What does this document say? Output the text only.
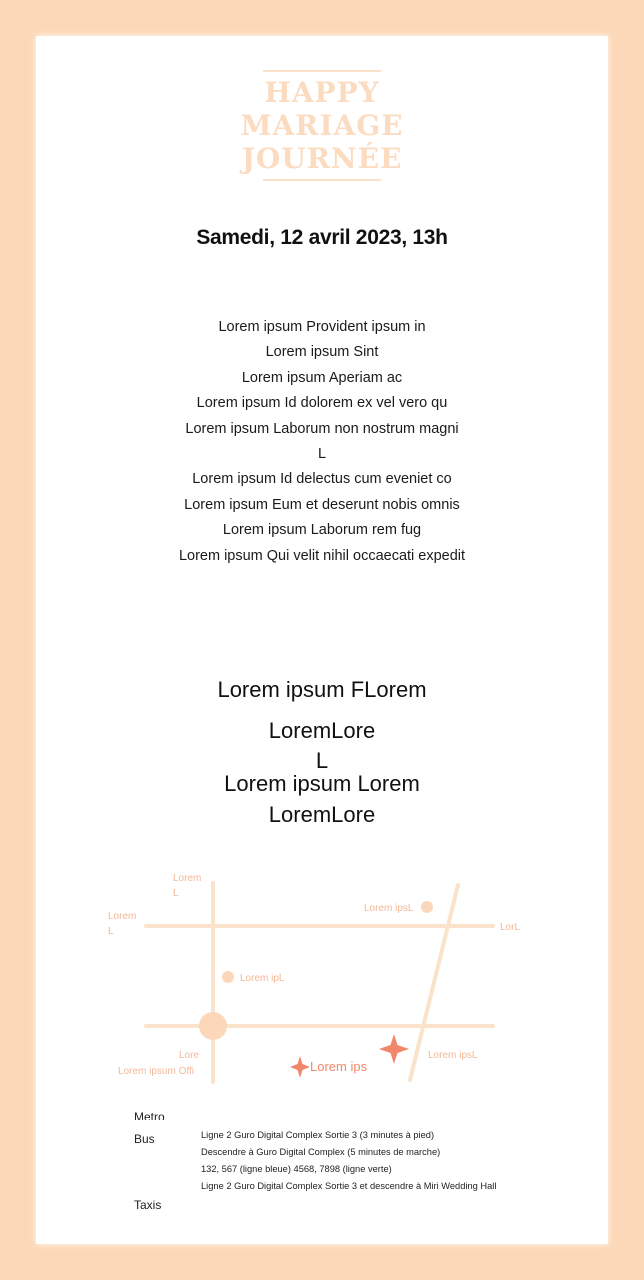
HAPPY
MARIAGE
JOURNÉE
Samedi, 12 avril 2023, 13h
Lorem ipsum Provident ipsum in
Lorem ipsum Sint
Lorem ipsum Aperiam ac
Lorem ipsum Id dolorem ex vel vero qu
Lorem ipsum Laborum non nostrum magni
L
Lorem ipsum Id delectus cum eveniet co
Lorem ipsum Eum et deserunt nobis omnis
Lorem ipsum Laborum rem fug
Lorem ipsum Qui velit nihil occaecati expedit
Lorem ipsum FLorem
LoremLore
L
Lorem ipsum Lorem
LoremLore
Lorem L
Lorem L	LorL
Lorem ipsL
Lorem ipL
Lore
Lorem ipsum Offi	Lorem ips
Lorem ipsL
Metro
Bus	Ligne 2 Guro Digital Complex Sortie 3 (3 minutes à pied)
Descendre à Guro Digital Complex (5 minutes de marche)
132, 567 (ligne bleue) 4568, 7898 (ligne verte)
Ligne 2 Guro Digital Complex Sortie 3 et descendre à Miri Wedding Hall
Taxis
